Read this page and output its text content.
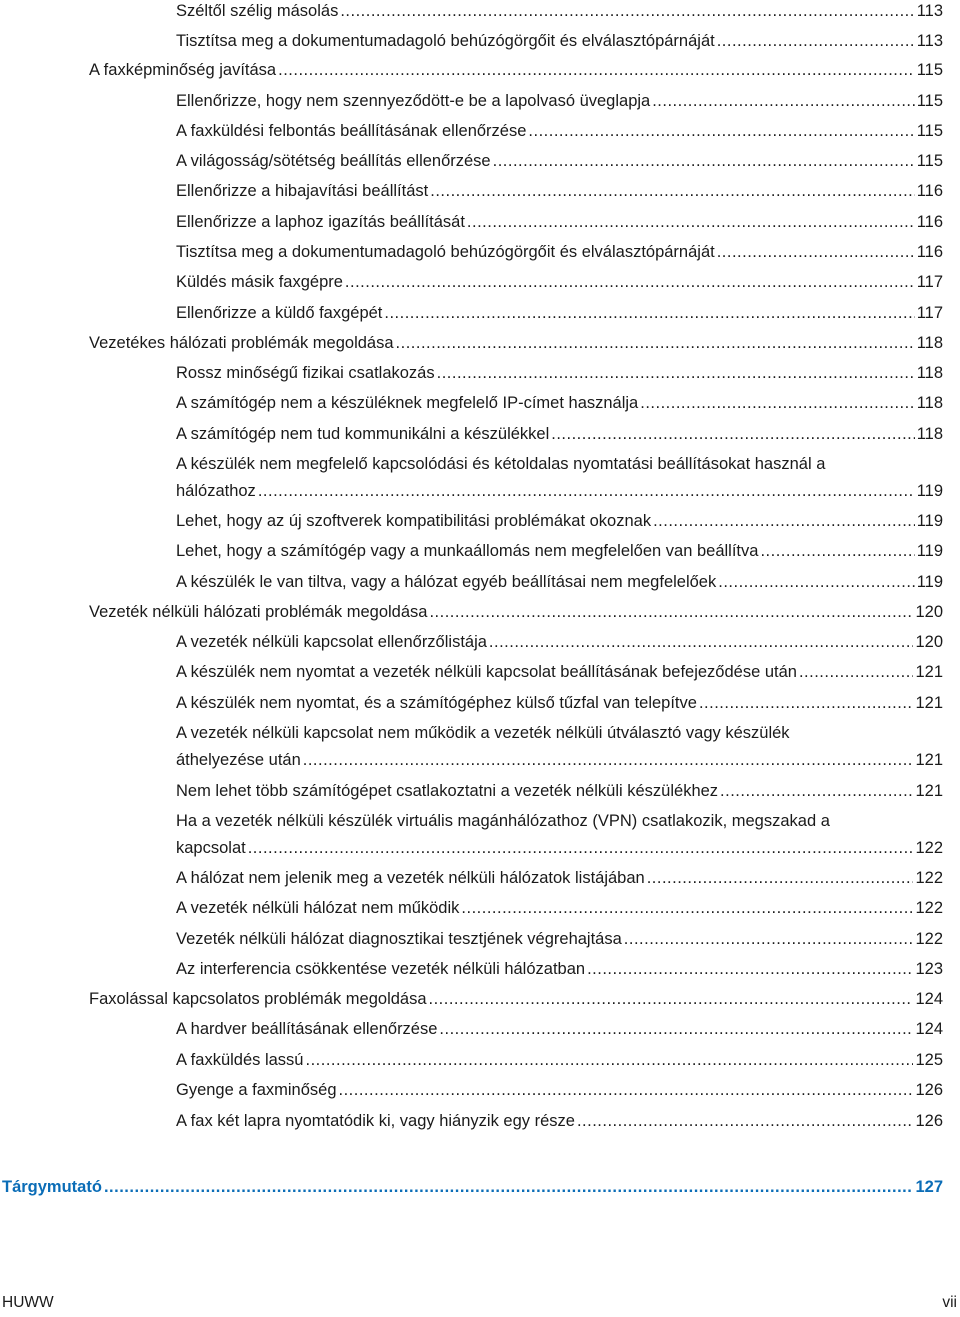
Széltől szélig másolás .....	113
Tisztítsa meg a dokumentumadagoló behúzógörgőit és elválasztópárnáját .....	113
A faxképminőség javítása .....	115
Ellenőrizze, hogy nem szennyeződött-e be a lapolvasó üveglapja .....	115
A faxküldési felbontás beállításának ellenőrzése .....	115
A világosság/sötétség beállítás ellenőrzése .....	115
Ellenőrizze a hibajavítási beállítást .....	116
Ellenőrizze a laphoz igazítás beállítását .....	116
Tisztítsa meg a dokumentumadagoló behúzógörgőit és elválasztópárnáját .....	116
Küldés másik faxgépre .....	117
Ellenőrizze a küldő faxgépét .....	117
Vezetékes hálózati problémák megoldása .....	118
Rossz minőségű fizikai csatlakozás .....	118
A számítógép nem a készüléknek megfelelő IP-címet használja .....	118
A számítógép nem tud kommunikálni a készülékkel .....	118
A készülék nem megfelelő kapcsolódási és kétoldalas nyomtatási beállításokat használ a
hálózathoz .....	119
Lehet, hogy az új szoftverek kompatibilitási problémákat okoznak .....	119
Lehet, hogy a számítógép vagy a munkaállomás nem megfelelően van beállítva .....	119
A készülék le van tiltva, vagy a hálózat egyéb beállításai nem megfelelőek .....	119
Vezeték nélküli hálózati problémák megoldása .....	120
A vezeték nélküli kapcsolat ellenőrzőlistája .....	120
A készülék nem nyomtat a vezeték nélküli kapcsolat beállításának befejeződése után .....	121
A készülék nem nyomtat, és a számítógéphez külső tűzfal van telepítve .....	121
A vezeték nélküli kapcsolat nem működik a vezeték nélküli útválasztó vagy készülék
áthelyezése után .....	121
Nem lehet több számítógépet csatlakoztatni a vezeték nélküli készülékhez .....	121
Ha a vezeték nélküli készülék virtuális magánhálózathoz (VPN) csatlakozik, megszakad a
kapcsolat .....	122
A hálózat nem jelenik meg a vezeték nélküli hálózatok listájában .....	122
A vezeték nélküli hálózat nem működik .....	122
Vezeték nélküli hálózat diagnosztikai tesztjének végrehajtása .....	122
Az interferencia csökkentése vezeték nélküli hálózatban .....	123
Faxolással kapcsolatos problémák megoldása .....	124
A hardver beállításának ellenőrzése .....	124
A faxküldés lassú .....	125
Gyenge a faxminőség .....	126
A fax két lapra nyomtatódik ki, vagy hiányzik egy része .....	126
Tárgymutató .....	127
HUWW	vii
